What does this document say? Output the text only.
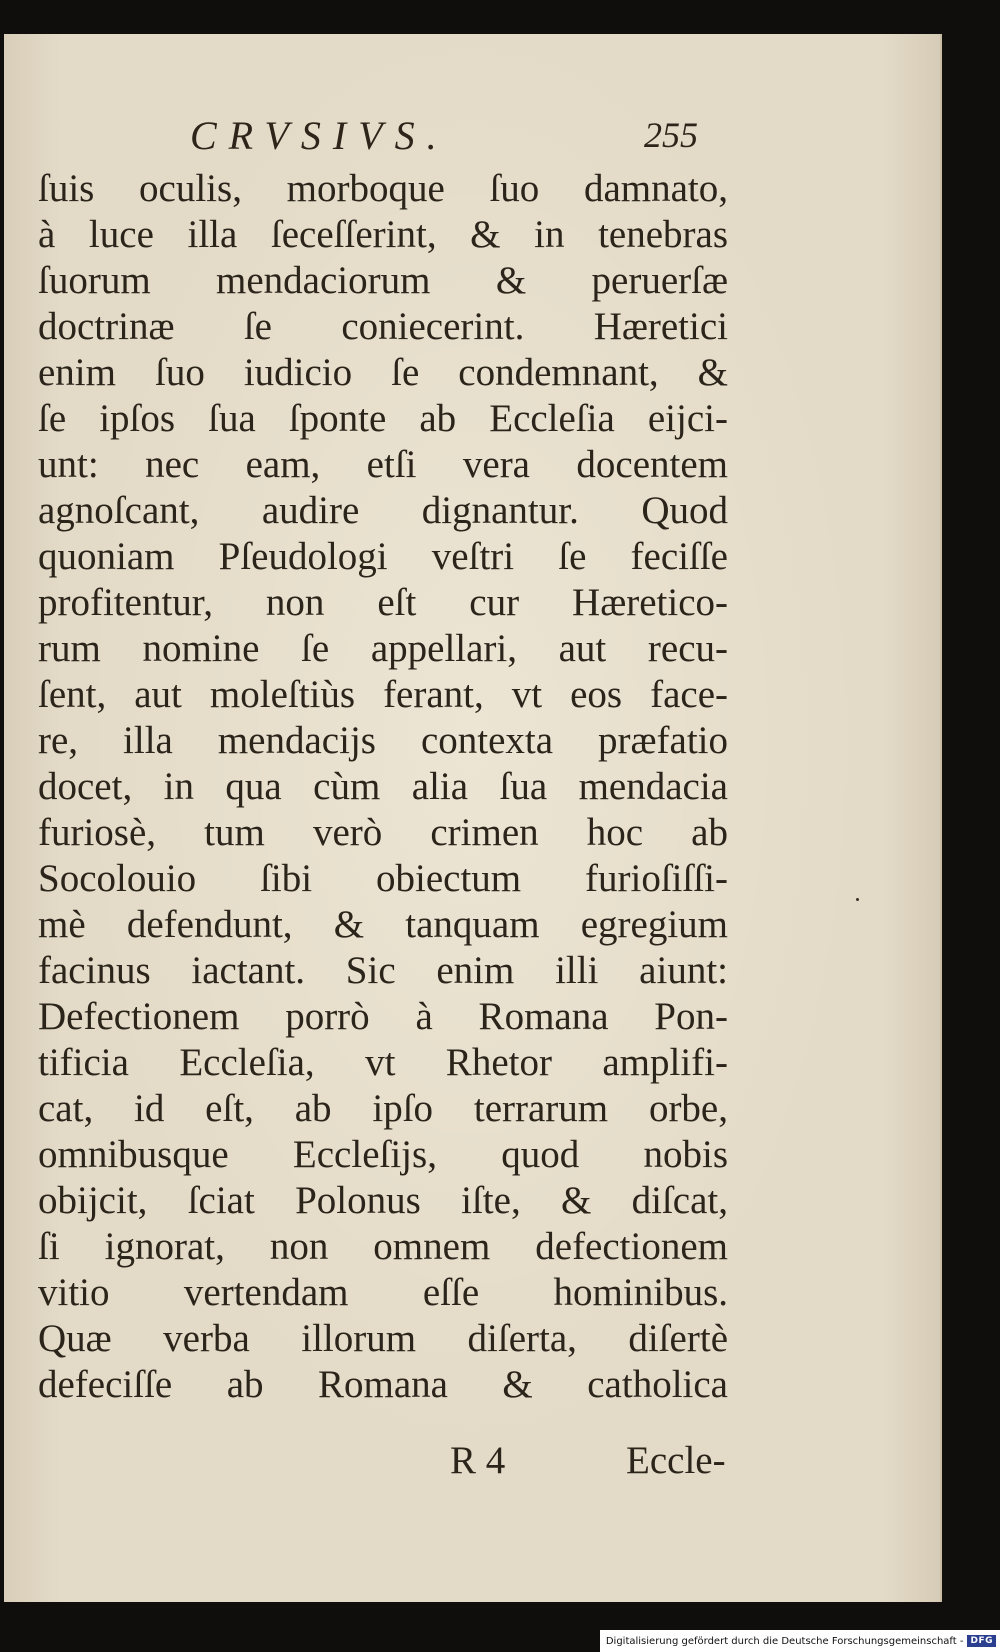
CRVSIVS.	255
ſuis oculis, morboque ſuo damnato,
à luce illa ſeceſſerint, & in tenebras
ſuorum mendaciorum & peruerſæ
doctrinæ ſe coniecerint. Hæretici
enim ſuo iudicio ſe condemnant, &
ſe ipſos ſua ſponte ab Eccleſia eijci-
unt: nec eam, etſi vera docentem
agnoſcant, audire dignantur. Quod
quoniam Pſeudologi veſtri ſe feciſſe
profitentur, non eſt cur Hæretico-
rum nomine ſe appellari, aut recu-
ſent, aut moleſtiùs ferant, vt eos face-
re, illa mendacijs contexta præfatio
docet, in qua cùm alia ſua mendacia
furiosè, tum verò crimen hoc ab
Socolouio ſibi obiectum furioſiſſi-
mè defendunt, & tanquam egregium
facinus iactant. Sic enim illi aiunt:
Defectionem porrò à Romana Pon-
tificia Eccleſia, vt Rhetor amplifi-
cat, id eſt, ab ipſo terrarum orbe,
omnibusque Eccleſijs, quod nobis
obijcit, ſciat Polonus iſte, & diſcat,
ſi ignorat, non omnem defectionem
vitio vertendam eſſe hominibus.
Quæ verba illorum diſerta, diſertè
defeciſſe ab Romana & catholica
R 4	Eccle-
Digitalisierung gefördert durch die Deutsche Forschungsgemeinschaft - DFG
